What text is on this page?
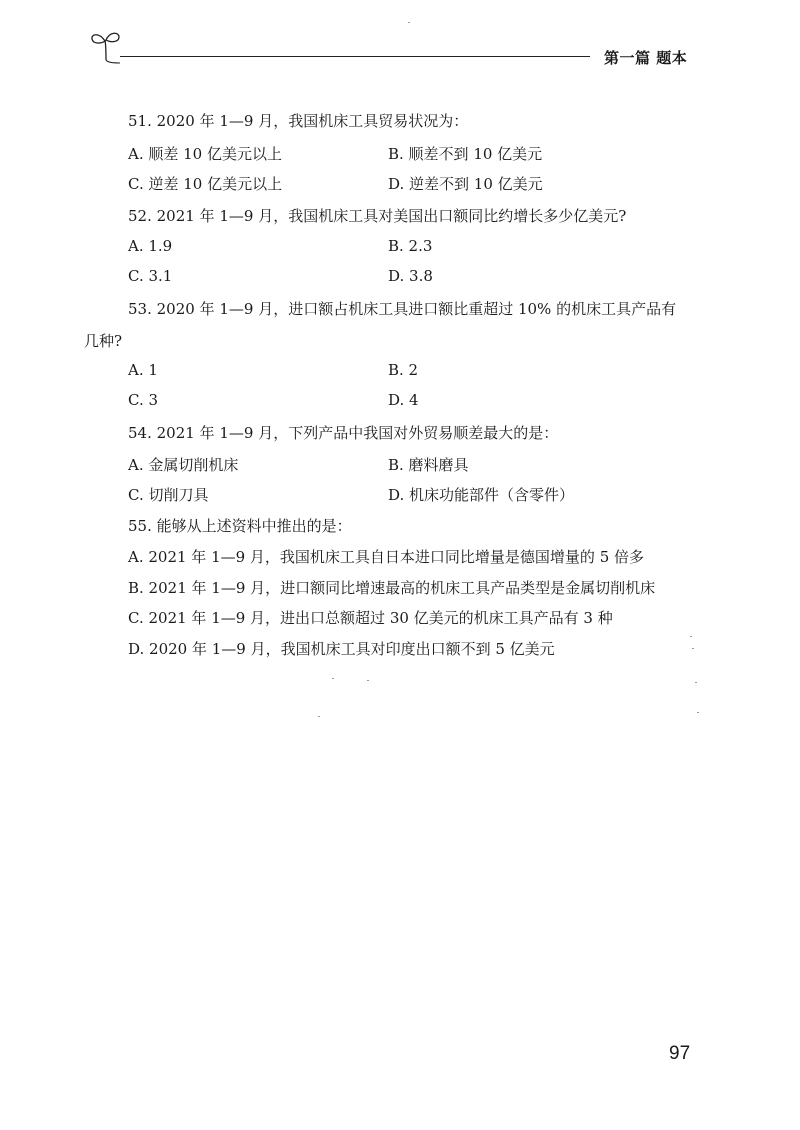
第一篇 题本
51. 2020 年 1—9 月，我国机床工具贸易状况为：
A. 顺差 10 亿美元以上	B. 顺差不到 10 亿美元
C. 逆差 10 亿美元以上	D. 逆差不到 10 亿美元
52. 2021 年 1—9 月，我国机床工具对美国出口额同比约增长多少亿美元?
A. 1.9	B. 2.3
C. 3.1	D. 3.8
53. 2020 年 1—9 月，进口额占机床工具进口额比重超过 10% 的机床工具产品有
几种?
A. 1	B. 2
C. 3	D. 4
54. 2021 年 1—9 月，下列产品中我国对外贸易顺差最大的是：
A. 金属切削机床	B. 磨料磨具
C. 切削刀具	D. 机床功能部件（含零件）
55. 能够从上述资料中推出的是：
A. 2021 年 1—9 月，我国机床工具自日本进口同比增量是德国增量的 5 倍多
B. 2021 年 1—9 月，进口额同比增速最高的机床工具产品类型是金属切削机床
C. 2021 年 1—9 月，进出口总额超过 30 亿美元的机床工具产品有 3 种
D. 2020 年 1—9 月，我国机床工具对印度出口额不到 5 亿美元
97
